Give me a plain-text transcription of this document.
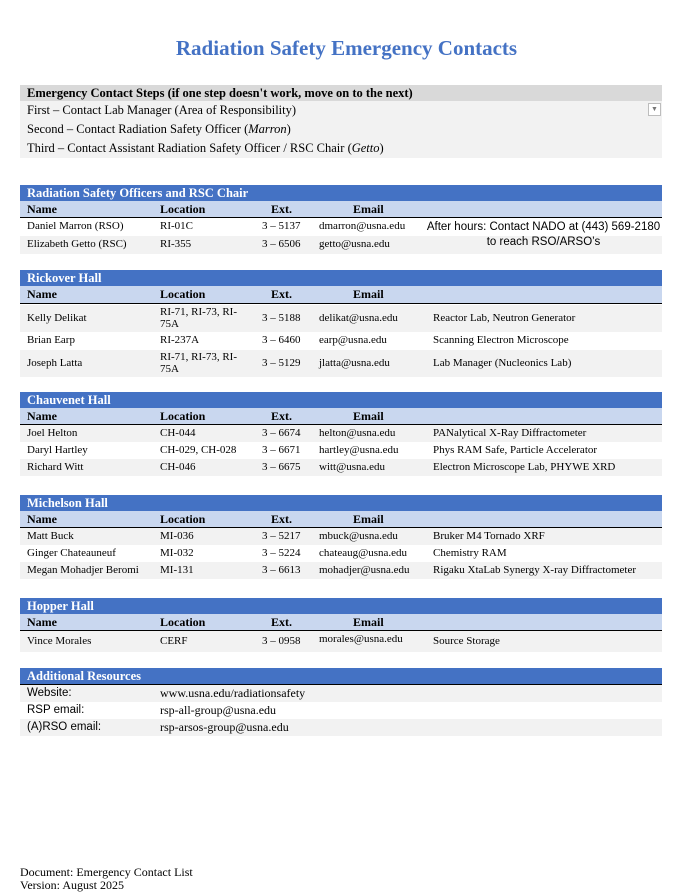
Radiation Safety Emergency Contacts
Emergency Contact Steps (if one step doesn't work, move on to the next)
▼
First – Contact Lab Manager (Area of Responsibility)
Second – Contact Radiation Safety Officer (Marron)
Third – Contact Assistant Radiation Safety Officer / RSC Chair (Getto)
Radiation Safety Officers and RSC Chair
Name	Location	Ext.	Email
Daniel Marron (RSO)	RI-01C	3 – 5137 dmarron@usna.edu
Elizabeth Getto (RSC)	RI-355	3 – 6506 getto@usna.edu
After hours: Contact NADO at (443) 569-2180 to reach RSO/ARSO’s
Rickover Hall
Name	Location	Ext.	Email
Kelly Delikat	RI-71, RI-73, RI-75A	3 – 5188 delikat@usna.edu	Reactor Lab, Neutron Generator
Brian Earp	RI-237A	3 – 6460 earp@usna.edu	Scanning Electron Microscope
Joseph Latta	RI-71, RI-73, RI-75A	3 – 5129 jlatta@usna.edu	Lab Manager (Nucleonics Lab)
Chauvenet Hall
Name	Location	Ext.	Email
Joel Helton	CH-044	3 – 6674 helton@usna.edu	PANalytical X-Ray Diffractometer
Daryl Hartley	CH-029, CH-028 3 – 6671 hartley@usna.edu	Phys RAM Safe, Particle Accelerator
Richard Witt	CH-046	3 – 6675 witt@usna.edu	Electron Microscope Lab, PHYWE XRD
Michelson Hall
Name	Location	Ext.	Email
Matt Buck	MI-036	3 – 5217 mbuck@usna.edu	Bruker M4 Tornado XRF
Ginger Chateauneuf	MI-032	3 – 5224 chateaug@usna.edu Chemistry RAM
Megan Mohadjer Beromi MI-131	3 – 6613 mohadjer@usna.edu Rigaku XtaLab Synergy X-ray Diffractometer
Hopper Hall
Name	Location	Ext.	Email
Vince Morales	CERF	3 – 0958 morales@usna.edu	Source Storage
Additional Resources
Website:	www.usna.edu/radiationsafety
RSP email:	rsp-all-group@usna.edu
(A)RSO email:	rsp-arsos-group@usna.edu
Document: Emergency Contact List
Version: August 2025
